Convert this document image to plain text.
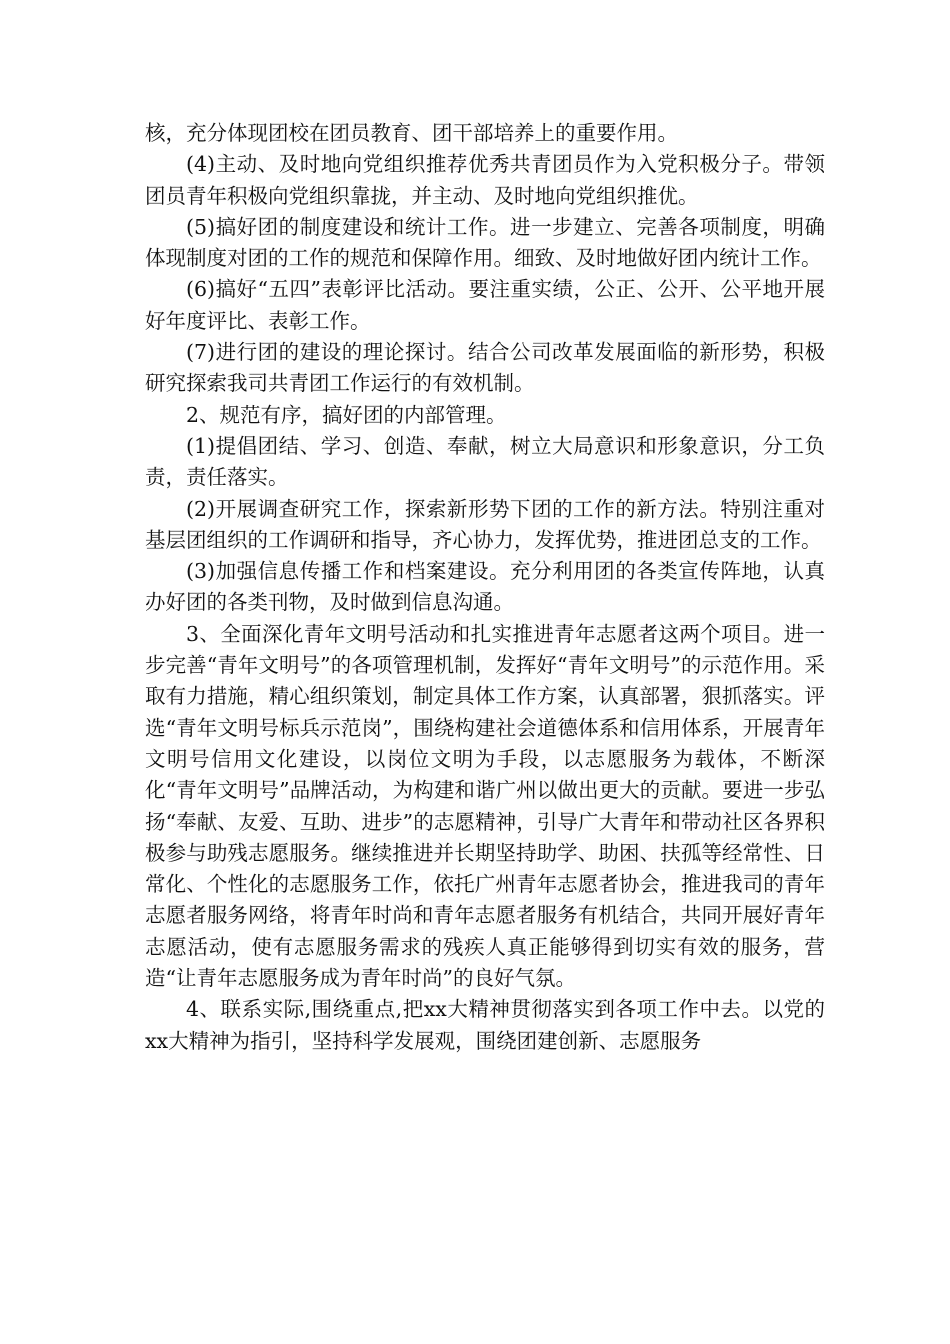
核，充分体现团校在团员教育、团干部培养上的重要作用。

(4)主动、及时地向党组织推荐优秀共青团员作为入党积极分子。带领团员青年积极向党组织靠拢，并主动、及时地向党组织推优。

(5)搞好团的制度建设和统计工作。进一步建立、完善各项制度，明确体现制度对团的工作的规范和保障作用。细致、及时地做好团内统计工作。

(6)搞好“五四”表彰评比活动。要注重实绩，公正、公开、公平地开展好年度评比、表彰工作。

(7)进行团的建设的理论探讨。结合公司改革发展面临的新形势，积极研究探索我司共青团工作运行的有效机制。

2、规范有序，搞好团的内部管理。

(1)提倡团结、学习、创造、奉献，树立大局意识和形象意识，分工负责，责任落实。

(2)开展调查研究工作，探索新形势下团的工作的新方法。特别注重对基层团组织的工作调研和指导，齐心协力，发挥优势，推进团总支的工作。

(3)加强信息传播工作和档案建设。充分利用团的各类宣传阵地，认真办好团的各类刊物，及时做到信息沟通。

3、全面深化青年文明号活动和扎实推进青年志愿者这两个项目。进一步完善“青年文明号”的各项管理机制，发挥好“青年文明号”的示范作用。采取有力措施，精心组织策划，制定具体工作方案，认真部署，狠抓落实。评选“青年文明号标兵示范岗”，围绕构建社会道德体系和信用体系，开展青年文明号信用文化建设，以岗位文明为手段，以志愿服务为载体，不断深化“青年文明号”品牌活动，为构建和谐广州以做出更大的贡献。要进一步弘扬“奉献、友爱、互助、进步”的志愿精神，引导广大青年和带动社区各界积极参与助残志愿服务。继续推进并长期坚持助学、助困、扶孤等经常性、日常化、个性化的志愿服务工作，依托广州青年志愿者协会，推进我司的青年志愿者服务网络，将青年时尚和青年志愿者服务有机结合，共同开展好青年志愿活动，使有志愿服务需求的残疾人真正能够得到切实有效的服务，营造“让青年志愿服务成为青年时尚”的良好气氛。

4、联系实际,围绕重点,把xx大精神贯彻落实到各项工作中去。以党的xx大精神为指引，坚持科学发展观，围绕团建创新、志愿服务
